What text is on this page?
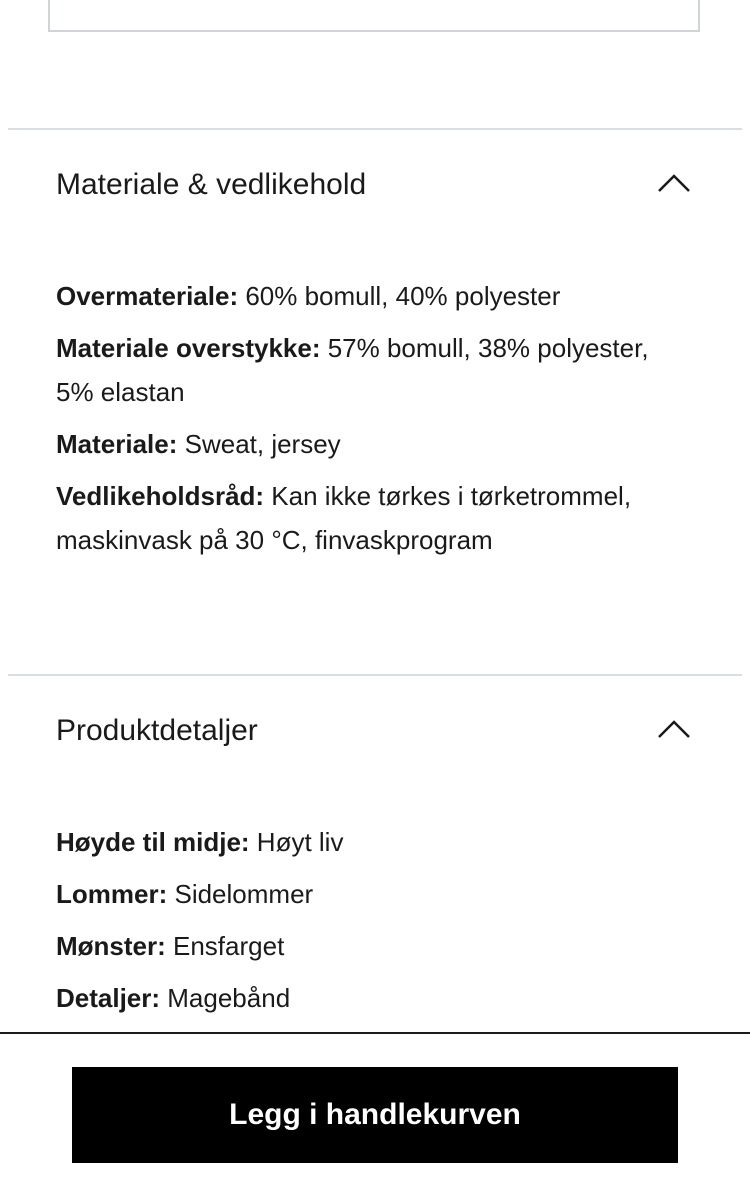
Materiale & vedlikehold

Overmateriale: 60% bomull, 40% polyester

Materiale overstykke: 57% bomull, 38% polyester, 5% elastan

Materiale: Sweat, jersey

Vedlikeholdsråd: Kan ikke tørkes i tørketrommel, maskinvask på 30 °C, finvaskprogram

Produktdetaljer

Høyde til midje: Høyt liv

Lommer: Sidelommer

Mønster: Ensfarget

Detaljer: Magebånd

Legg i handlekurven
